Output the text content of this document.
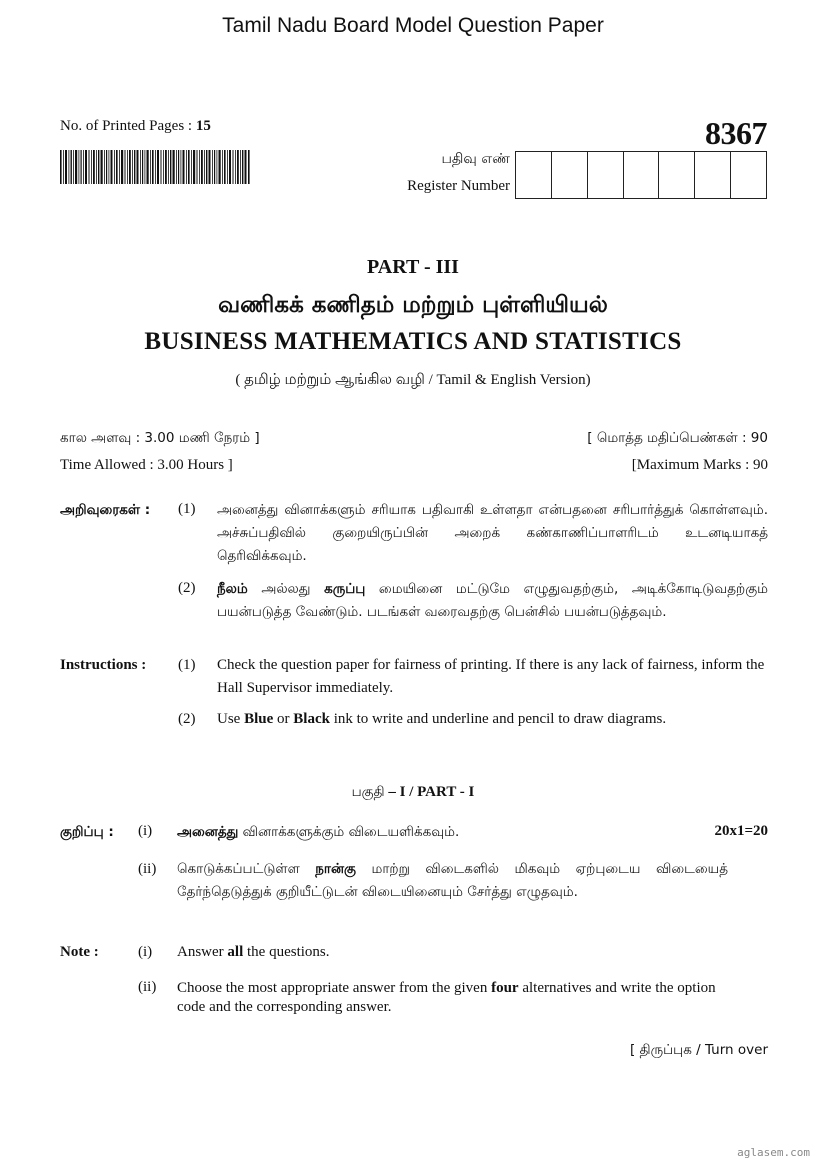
Tamil Nadu Board Model Question Paper
No. of Printed Pages : 15	8367
பதிவு எண்
Register Number
PART - III
வணிகக் கணிதம் மற்றும் புள்ளியியல்
BUSINESS MATHEMATICS AND STATISTICS
( தமிழ் மற்றும் ஆங்கில வழி / Tamil & English Version)
கால அளவு : 3.00 மணி நேரம் ]	[ மொத்த மதிப்பெண்கள் : 90
Time Allowed : 3.00 Hours ]	[Maximum Marks : 90
அறிவுரைகள் : (1) அனைத்து வினாக்களும் சரியாக பதிவாகி உள்ளதா என்பதனை சரிபார்த்துக் கொள்ளவும். அச்சுப்பதிவில் குறையிருப்பின் அறைக் கண்காணிப்பாளரிடம் உடனடியாகத் தெரிவிக்கவும்.
(2) நீலம் அல்லது கருப்பு மையினை மட்டுமே எழுதுவதற்கும், அடிக்கோடிடுவதற்கும் பயன்படுத்த வேண்டும். படங்கள் வரைவதற்கு பென்சில் பயன்படுத்தவும்.
Instructions : (1) Check the question paper for fairness of printing. If there is any lack of fairness, inform the Hall Supervisor immediately.
(2) Use Blue or Black ink to write and underline and pencil to draw diagrams.
பகுதி – I / PART - I
குறிப்பு : (i) அனைத்து வினாக்களுக்கும் விடையளிக்கவும்.	20x1=20
(ii) கொடுக்கப்பட்டுள்ள நான்கு மாற்று விடைகளில் மிகவும் ஏற்புடைய விடையைத் தேர்ந்தெடுத்துக் குறியீட்டுடன் விடையினையும் சேர்த்து எழுதவும்.
Note :	(i) Answer all the questions.
(ii) Choose the most appropriate answer from the given four alternatives and write the option code and the corresponding answer.
[ திருப்புக / Turn over
aglasem.com
